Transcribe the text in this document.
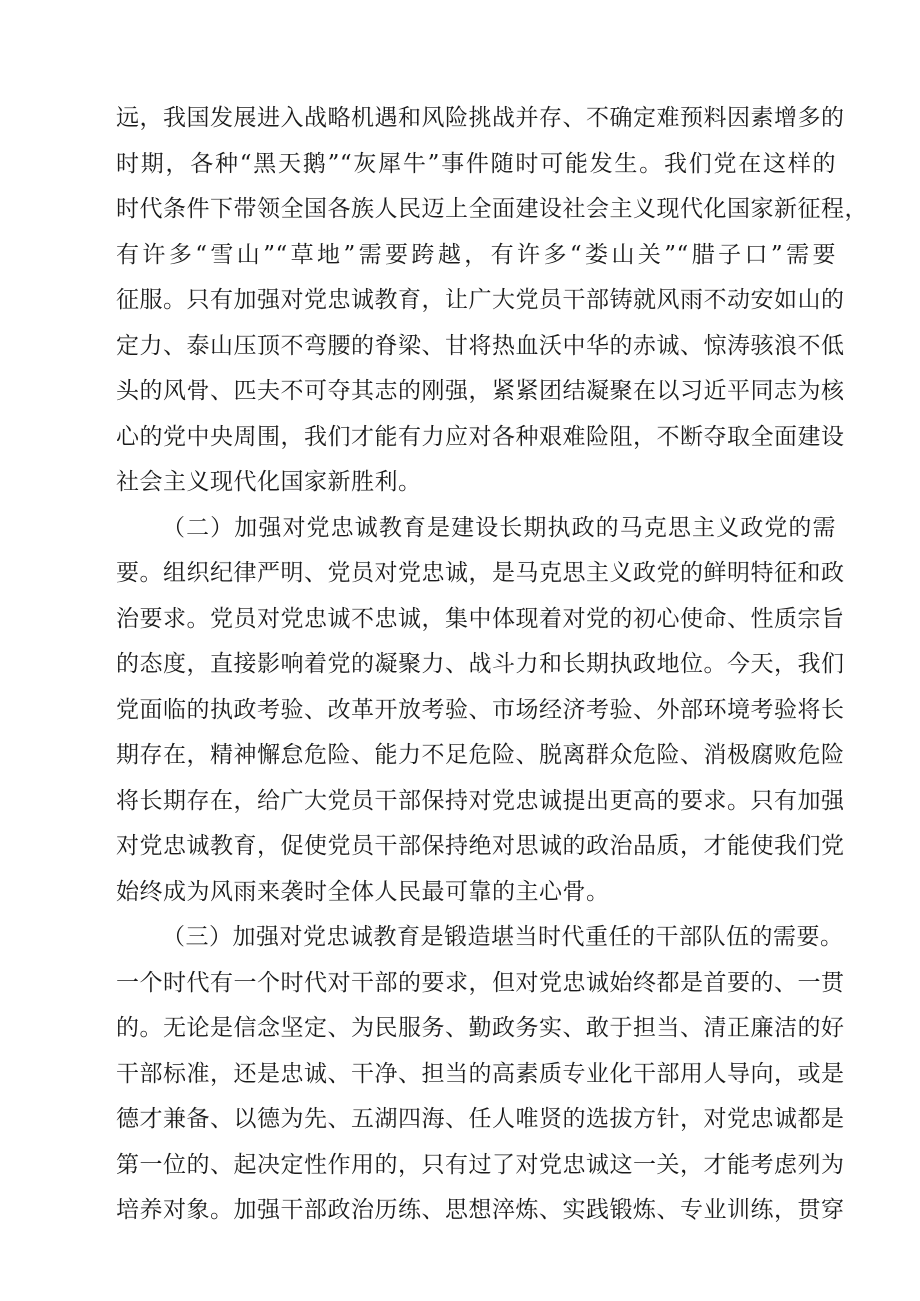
远，我国发展进入战略机遇和风险挑战并存、不确定难预料因素增多的
时期，各种“黑天鹅”“灰犀牛”事件随时可能发生。我们党在这样的
时代条件下带领全国各族人民迈上全面建设社会主义现代化国家新征程，
有许多“雪山”“草地”需要跨越，有许多“娄山关”“腊子口”需要
征服。只有加强对党忠诚教育，让广大党员干部铸就风雨不动安如山的
定力、泰山压顶不弯腰的脊梁、甘将热血沃中华的赤诚、惊涛骇浪不低
头的风骨、匹夫不可夺其志的刚强，紧紧团结凝聚在以习近平同志为核
心的党中央周围，我们才能有力应对各种艰难险阻，不断夺取全面建设
社会主义现代化国家新胜利。
（二）加强对党忠诚教育是建设长期执政的马克思主义政党的需
要。组织纪律严明、党员对党忠诚，是马克思主义政党的鲜明特征和政
治要求。党员对党忠诚不忠诚，集中体现着对党的初心使命、性质宗旨
的态度，直接影响着党的凝聚力、战斗力和长期执政地位。今天，我们
党面临的执政考验、改革开放考验、市场经济考验、外部环境考验将长
期存在，精神懈怠危险、能力不足危险、脱离群众危险、消极腐败危险
将长期存在，给广大党员干部保持对党忠诚提出更高的要求。只有加强
对党忠诚教育，促使党员干部保持绝对思诚的政治品质，才能使我们党
始终成为风雨来袭时全体人民最可靠的主心骨。
（三）加强对党忠诚教育是锻造堪当时代重任的干部队伍的需要。
一个时代有一个时代对干部的要求，但对党忠诚始终都是首要的、一贯
的。无论是信念坚定、为民服务、勤政务实、敢于担当、清正廉洁的好
干部标准，还是忠诚、干净、担当的高素质专业化干部用人导向，或是
德才兼备、以德为先、五湖四海、任人唯贤的选拔方针，对党忠诚都是
第一位的、起决定性作用的，只有过了对党忠诚这一关，才能考虑列为
培养对象。加强干部政治历练、思想淬炼、实践锻炼、专业训练，贯穿
